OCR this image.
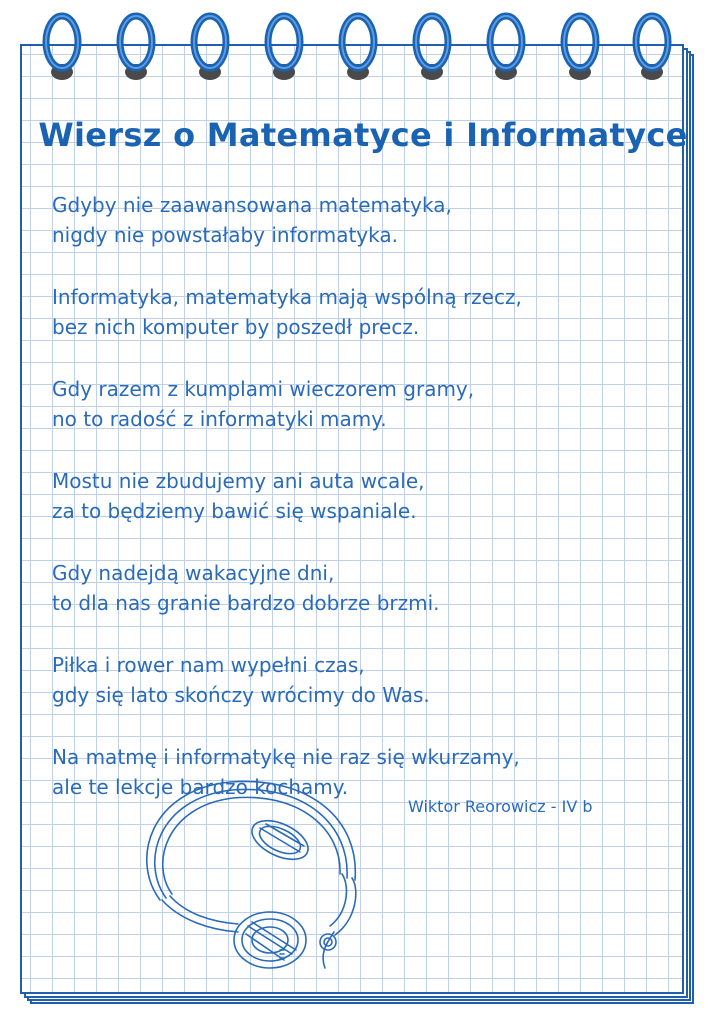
Wiersz o Matematyce i Informatyce
Gdyby nie zaawansowana matematyka,
nigdy nie powstałaby informatyka.
Informatyka, matematyka mają wspólną rzecz,
bez nich komputer by poszedł precz.
Gdy razem z kumplami wieczorem gramy,
no to radość z informatyki mamy.
Mostu nie zbudujemy ani auta wcale,
za to będziemy bawić się wspaniale.
Gdy nadejdą wakacyjne dni,
to dla nas granie bardzo dobrze brzmi.
Piłka i rower nam wypełni czas,
gdy się lato skończy wrócimy do Was.
Na matmę i informatykę nie raz się wkurzamy,
ale te lekcje bardzo kochamy.
Wiktor Reorowicz - IV b
